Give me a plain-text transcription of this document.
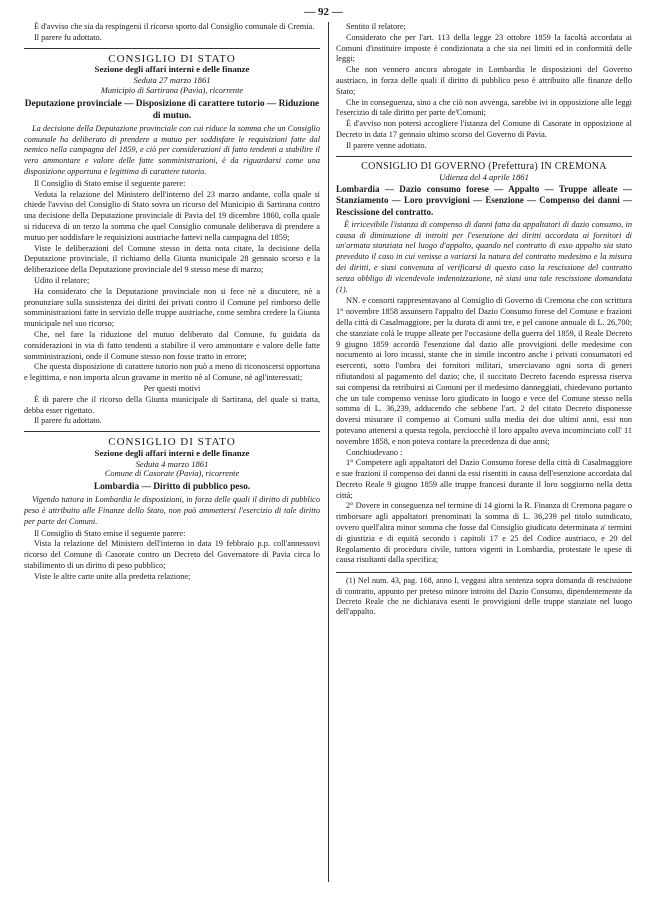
— 92 —

È d'avviso che sia da respingersi il ricorso sporto dal Consiglio comunale di Cremia.

Il parere fu adottato.

CONSIGLIO DI STATO
Sezione degli affari interni e delle finanze
Seduta 27 marzo 1861
Municipio di Sartirana (Pavia), ricorrente
Deputazione provinciale — Disposizione di carattere tutorio — Riduzione di mutuo.

La decisione della Deputazione provinciale con cui riduce la somma che un Consiglio comunale ha deliberato di prendere a mutuo per soddisfare le requisizioni fatte dal nemico nella campagna del 1859, e ciò per considerazioni di fatto tendenti a stabilire il vero ammontare e valore delle fatte somministrazioni, è da riguardarsi come una disposizione opportuna e legittima di carattere tutorio.

Il Consiglio di Stato emise il seguente parere:

Veduta la relazione del Ministero dell'interno del 23 marzo andante, colla quale si chiede l'avviso del Consiglio di Stato sovra un ricorso del Municipio di Sartirana contro una decisione della Deputazione provinciale di Pavia del 19 dicembre 1860, colla quale si riduceva di un terzo la somma che quel Consiglio comunale deliberava di prendere a mutuo per soddisfare le requisizioni austriache fattevi nella campagna del 1859;

Viste le deliberazioni del Comune stesso in detta nota citate, la decisione della Deputazione provinciale, il richiamo della Giunta municipale 28 gennaio scorso e la deliberazione della Deputazione provinciale del 9 stesso mese di marzo;

Udito il relatore;

Ha considerato che la Deputazione provinciale non si fece nè a discutere, nè a pronunziare sulla sussistenza dei diritti dei privati contro il Comune pel rimborso delle somministrazioni fatte in servizio delle truppe austriache, come sembra credere la Giunta municipale nel suo ricorso;

Che, nel fare la riduzione del mutuo deliberato dal Comune, fu guidata da considerazioni in via di fatto tendenti a stabilire il vero ammontare e valore delle fatte somministrazioni, onde il Comune stesso non fosse tratto in errore;

Che questa disposizione di carattere tutorio non può a meno di riconoscersi opportuna e legittima, e non importa alcun gravame in merito nè al Comune, nè agl'interessati;

Per questi motivi

È di parere che il ricorso della Giunta municipale di Sartirana, del quale si tratta, debba esser rigettato.

Il parere fu adottato.

CONSIGLIO DI STATO
Sezione degli affari interni e delle finanze
Seduta 4 marzo 1861
Comune di Casorate (Pavia), ricorrente
Lombardia — Diritto di pubblico peso.

Vigendo tuttora in Lombardia le disposizioni, in forza delle quali il diritto di pubblico peso è attribuito alle Finanze dello Stato, non può ammettersi l'esercizio di tale diritto per parte dei Comuni.

Il Consiglio di Stato emise il seguente parere:

Vista la relazione del Ministero dell'interno in data 19 febbraio p.p. coll'annessovi ricorso del Comune di Casorate contro un Decreto del Governatore di Pavia circa lo stabilimento di un diritto di peso pubblico;

Viste le altre carte unite alla predetta relazione;

Sentito il relatore;

Considerato che per l'art. 113 della legge 23 ottobre 1859 la facoltà accordata ai Comuni d'instituire imposte è condizionata a che sia nei limiti ed in conformità delle leggi;

Che non vennero ancora abrogate in Lombardia le disposizioni del Governo austriaco, in forza delle quali il diritto di pubblico peso è attribuito alle finanze dello Stato;

Che in conseguenza, sino a che ciò non avvenga, sarebbe ivi in opposizione alle leggi l'esercizio di tale diritto per parte de'Comuni;

È d'avviso non potersi accogliere l'istanza del Comune di Casorate in opposizione al Decreto in data 17 gennaio ultimo scorso del Governo di Pavia.

Il parere venne adottato.

CONSIGLIO DI GOVERNO (Prefettura) IN CREMONA
Udienza del 4 aprile 1861
Lombardia — Dazio consumo forese — Appalto — Truppe alleate — Stanziamento — Loro provvigioni — Esenzione — Compenso dei danni — Rescissione del contratto.

È irricevibile l'istanza di compenso di danni fatta da appaltatori di dazio consumo, in causa di diminuzione di introiti per l'esenzione dei diritti accordata ai fornitori di un'armata stanziata nel luogo d'appalto, quando nel contratto di esso appalto sia stato preveduto il caso in cui venisse a variarsi la natura del contratto medesimo e la misura dei diritti, e siasi convenuta al verificarsi di questo caso la rescissione del contratto senza obbligo di vicendevole indennizzazione, nè siasi una tale rescissione domandata (1).

NN. e consorti rappresentavano al Consiglio di Governo di Cremona che con scrittura 1° novembre 1858 assunsero l'appalto del Dazio Consumo forese del Comune e frazioni della città di Casalmaggiore, per la durata di anni tre, e pel canone annuale di L. 26,700; che stanziate colà le truppe alleate per l'occasione della guerra del 1859, il Reale Decreto 9 giugno 1859 accordò l'esenzione dal dazio alle provvigioni delle medesime con nocumento ai loro incassi, stante che in simile incontro anche i privati consumatori ed esercenti, sotto l'ombra dei fornitori militari, smerciavano ogni sorta di generi rifiutandosi al pagamento del dazio; che, il succitato Decreto facendo espressa riserva sui compensi da retribuirsi ai Comuni per il medesimo danneggiati, chiedevano portanto che un tale compenso venisse loro giudicato in luogo e vece del Comune stesso nella somma di L. 36,239, adducendo che sebbene l'art. 2 del citato Decreto disponesse doversi misurare il compenso ai Comuni sulla media dei due ultimi anni, essi non potevano attenersi a questa regola, perciocchè il loro appalto aveva incominciato coll' 11 novembre 1858, e non poteva contare la precedenza di due anni;

Conchiudevano :

1° Competere agli appaltatori del Dazio Consumo forese della città di Casalmaggiore e sue frazioni il compenso dei danni da essi risentiti in causa dell'esenzione accordata dal Decreto Reale 9 giugno 1859 alle truppe francesi durante il loro soggiorno nella detta città;

2° Dovere in conseguenza nel termine di 14 giorni la R. Finanza di Cremona pagare o rimborsare agli appaltatori prenominati la somma di L. 36,239 pel titolo suindicato, ovvero quell'altra minor somma che fosse dal Consiglio giudicato determinata a' termini di giustizia e di equità secondo i capitoli 17 e 25 del Codice austriaco, e 20 del Regolamento di procedura civile, tuttora vigenti in Lombardia, protestate le spese di causa risultanti dalla specifica;

(1) Nel num. 43, pag. 168, anno I, veggasi altra sentenza sopra domanda di rescissione di contratto, appunto per preteso minore introito del Dazio Consumo, dipendentemente da Decreto Reale che ne dichiarava esenti le provvigioni delle truppe stanziate nel luogo dell'appalto.
